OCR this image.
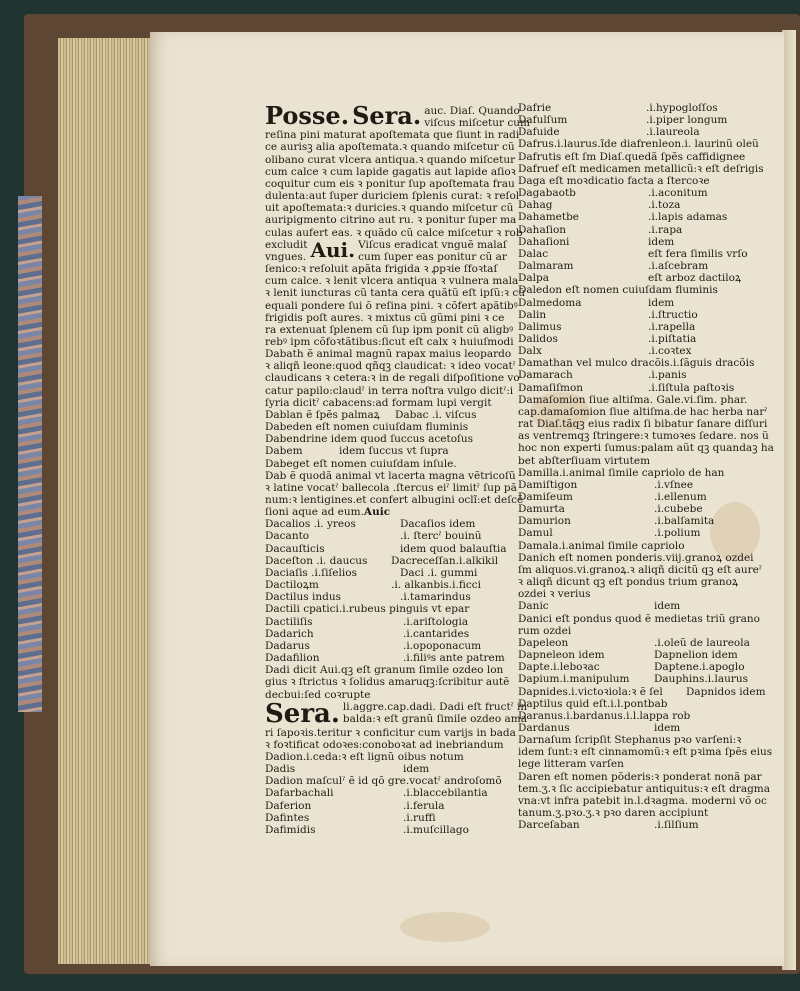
Posse. Sera. auc. Diaſ. Quando
viſcus miſcetur cum
reſina pini maturat apoſtemata que ſiunt in radi
ce aurisꝫ alia apoſtemata.ꝛ quando miſcetur cũ
olibano curat vlcera antiqua.ꝛ quando miſcetur
cum calce ꝛ cum lapide gagatis aut lapide aſioꝛ
coquitur cum eis ꝛ ponitur ſup apoſtemata frau
dulenta:aut ſuper duriciem ſplenis curat: ꝛ reſol
uit apoſtemata:ꝛ duricies.ꝛ quando miſcetur cũ
auripigmento citrino aut ru. ꝛ ponitur ſuper ma
culas aufert eas. ꝛ quãdo cũ calce miſcetur ꝛ rob
excludit
vngues. Aui. Viſcus eradicat vnguẽ malaſ
cum ſuper eas ponitur cũ ar
ſenico:ꝛ reſoluit apãta frigida ꝛ ꝓpꝛie ſfoꝛtaſ
cum calce. ꝛ lenit vlcera antiqua ꝛ vulnera mala
ꝛ lenit iuncturas cũ tanta cera quãtũ eſt ipſũ:ꝛ cũ
equali pondere ſui õ reſina pini. ꝛ cõfert apãtibꝰ
frigidis poſt aures. ꝛ mixtus cũ gũmi pini ꝛ ce
ra extenuat ſplenem cũ ſup ipm ponit cũ aligbꝰ
rebꝰ ipm cõfoꝛtãtibus:ſicut eſt calx ꝛ huiuſmodi
Dabath ẽ animal magnũ rapax maius leopardo
ꝛ aliqñ leone:quod qñqꝫ claudicat: ꝛ ideo vocatˀ
claudicans ꝛ cetera:ꝛ in de regali diſpoſitione vo
catur papilo:claudˀ in terra noſtra vulgo dicitˀ:i
ſyria dicitˀ cabacens:ad formam lupi vergit
Dablan ẽ ſpẽs palmaꝝ	Dabac .i. viſcus
Dabeden eſt nomen cuiuſdam fluminis
Dabendrine idem quod ſuccus acetoſus
Dabem	idem ſuccus vt ſupra
Dabeget eſt nomen cuiuſdam inſule.
Dab ẽ quodã animal vt lacerta magna vẽtricoſũ
ꝛ latine vocatˀ ballecola .ſtercus eiˀ limitˀ ſup pã
num:ꝛ lentigines.et confert albugini oclĩ:et deſcẽ
ſioni aque ad eum.Auic
Dacalios .i. yreos	Dacaſios idem
Dacanto	.i. ſtercˀ bouinũ
Dacauſticis	idem quod balauſtia
Daceſton .i. daucus	Dacreceſſan.i.alkikil
Daciaſis .i.ſiſelios	Daci .i. gummi
Dactiloꝝm	.i. alkanbis.i.ficci
Dactilus indus	.i.tamarindus
Dactili cpatici.i.rubeus pinguis vt epar
Dactiliſis	.i.ariſtologia
Dadarich	.i.cantarides
Dadarus	.i.opoponacum
Dadafilion	.i.filiꝰs ante patrem
Dadi dicit Aui.qꝫ eſt granum ſimile ozdeo lon
gius ꝛ ſtrictus ꝛ ſolidus amaruqꝫ:ſcribitur autẽ
decbui:ſed coꝛrupte
Sera. li.aggre.cap.dadi. Dadi eſt fructˀ in
balda:ꝛ eſt granũ ſimile ozdeo ama
ri ſapoꝛis.teritur ꝛ conficitur cum varijs in bada
ꝛ foꝛtificat odoꝛes:conoboꝛat ad inebriandum
Dadion.i.ceda:ꝛ eſt lignũ oibus notum
Dadis	idem
Dadion maſculˀ ẽ id qõ gre.vocatˀ androſomõ
Dafarbachali	.i.blaccebilantia
Daferion	.i.ferula
Dafintes	.i.ruffi
Dafimidis	.i.muſcillago
Dafrie	.i.hypogloſſos
Dafulſum	.i.piper longum
Dafuide	.i.laureola
Dafrus.i.laurus.ĩde diafrenleon.i. laurinũ oleũ
Dafrutis eſt ſm Diaſ.quedã ſpẽs caffidignee
Dafruef eſt medicamen metallicũ:ꝛ eſt deſrigis
Daga eſt moꝛdicatio facta a ſtercoꝛe
Dagabaotb	.i.aconitum
Dahag	.i.toza
Dahametbe	.i.lapis adamas
Dahaſion	.i.rapa
Dahaſioni	idem
Dalac	eſt fera ſimilis vrſo
Dalmaram	.i.aſcebram
Dalpa	eſt arboz dactiloꝝ
Daledon eſt nomen cuiuſdam fluminis
Dalmedoma	idem
Dalin	.i.ſtructio
Dalimus	.i.rapella
Dalidos	.i.piſtatia
Dalx	.i.coꝛtex
Damathan vel mulco dracõis.i.ſãguis dracõis
Damarach	.i.panis
Damaſiſmon	.i.ſiſtula paſtoꝛis
Damaſomion ſiue altiſma. Gale.vi.ſim. phar.
cap.damaſomion ſiue altiſma.de hac herba narˀ
rat Diaſ.tãqꝫ eius radix ſi bibatur ſanare diſſuri
as ventremqꝫ ſtringere:ꝛ tumoꝛes ſedare. nos ũ
hoc non experti ſumus:palam aũt qꝫ quandaꝫ ha
bet abſterſiuam virtutem
Damilla.i.animal ſimile capriolo de han
Damiſtigon	.i.vſnee
Damiſeum	.i.ellenum
Damurta	.i.cubebe
Damurion	.i.balſamita
Damul	.i.polium
Damala.i.animal ſimile capriolo
Danich eſt nomen ponderis.viij.granoꝝ ozdei
ſm aliquos.vi.granoꝝ.ꝛ aliqñ dicitũ qꝫ eſt aureˀ
ꝛ aliqñ dicunt qꝫ eſt pondus trium granoꝝ
ozdei ꝛ verius
Danic	idem
Danici eſt pondus quod ẽ medietas triũ grano
rum ozdei
Dapeleon	.i.oleũ de laureola
Dapneleon idem	Dapnelion idem
Dapte.i.leboꝛac	Daptene.i.apoglo
Dapium.i.manipulum	Dauphins.i.laurus
Dapnides.i.victoꝛiola:ꝛ ẽ ſel	Dapnidos idem
Daptilus quid eſt.i.l.pontbab
Daranus.i.bardanus.i.l.lappa rob
Dardanus	idem
Darnaſum ſcripſit Stephanus pꝛo varſeni:ꝛ
idem ſunt:ꝛ eſt cinnamomũ:ꝛ eſt pꝛima ſpẽs eius
lege litteram varſen
Daren eſt nomen põderis:ꝛ ponderat nonã par
tem.ʒ.ꝛ ſic accipiebatur antiquitus:ꝛ eſt dragma
vna:vt infra patebit in.l.dꝛagma. moderni võ oc
tanum.ʒ.pꝛo.ʒ.ꝛ pꝛo daren accipiunt
Darceſaban	.i.ſilſium
